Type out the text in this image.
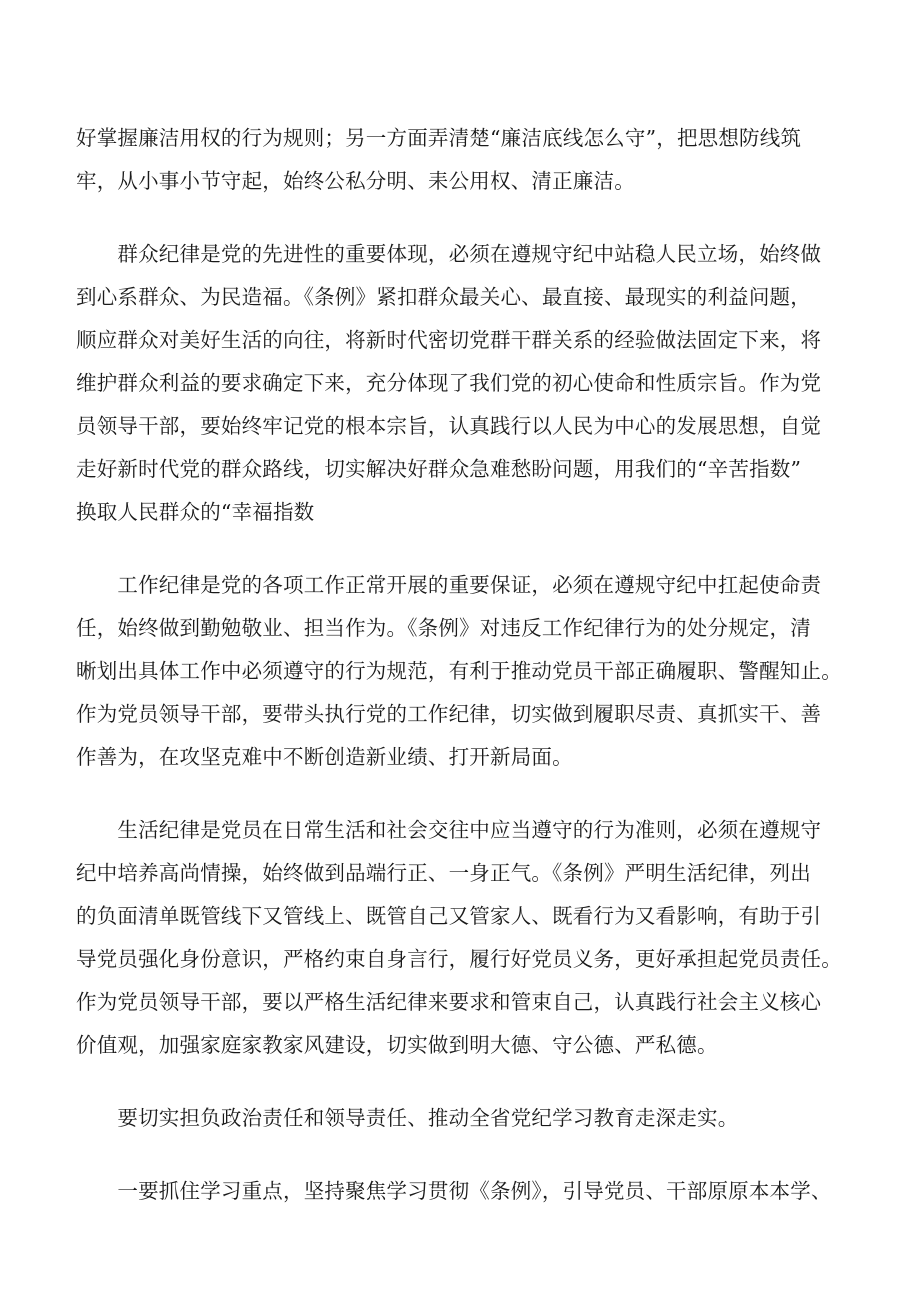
好掌握廉洁用权的行为规则；另一方面弄清楚“廉洁底线怎么守”，把思想防线筑
牢，从小事小节守起，始终公私分明、耒公用权、清正廉洁。

　　群众纪律是党的先进性的重要体现，必须在遵规守纪中站稳人民立场，始终做
到心系群众、为民造福。《条例》紧扣群众最关心、最直接、最现实的利益问题，
顺应群众对美好生活的向往，将新时代密切党群干群关系的经验做法固定下来，将
维护群众利益的要求确定下来，充分体现了我们党的初心使命和性质宗旨。作为党
员领导干部，要始终牢记党的根本宗旨，认真践行以人民为中心的发展思想，自觉
走好新时代党的群众路线，切实解决好群众急难愁盼问题，用我们的“辛苦指数”
换取人民群众的“幸福指数

　　工作纪律是党的各项工作正常开展的重要保证，必须在遵规守纪中扛起使命责
任，始终做到勤勉敬业、担当作为。《条例》对违反工作纪律行为的处分规定，清
晰划出具体工作中必须遵守的行为规范，有利于推动党员干部正确履职、警醒知止。
作为党员领导干部，要带头执行党的工作纪律，切实做到履职尽责、真抓实干、善
作善为，在攻坚克难中不断创造新业绩、打开新局面。

　　生活纪律是党员在日常生活和社会交往中应当遵守的行为准则，必须在遵规守
纪中培养高尚情操，始终做到品端行正、一身正气。《条例》严明生活纪律，列出
的负面清单既管线下又管线上、既管自己又管家人、既看行为又看影响，有助于引
导党员强化身份意识，严格约束自身言行，履行好党员义务，更好承担起党员责任。
作为党员领导干部，要以严格生活纪律来要求和管束自己，认真践行社会主义核心
价值观，加强家庭家教家风建设，切实做到明大德、守公德、严私德。

　　要切实担负政治责任和领导责任、推动全省党纪学习教育走深走实。

　　一要抓住学习重点，坚持聚焦学习贯彻《条例》，引导党员、干部原原本本学、
